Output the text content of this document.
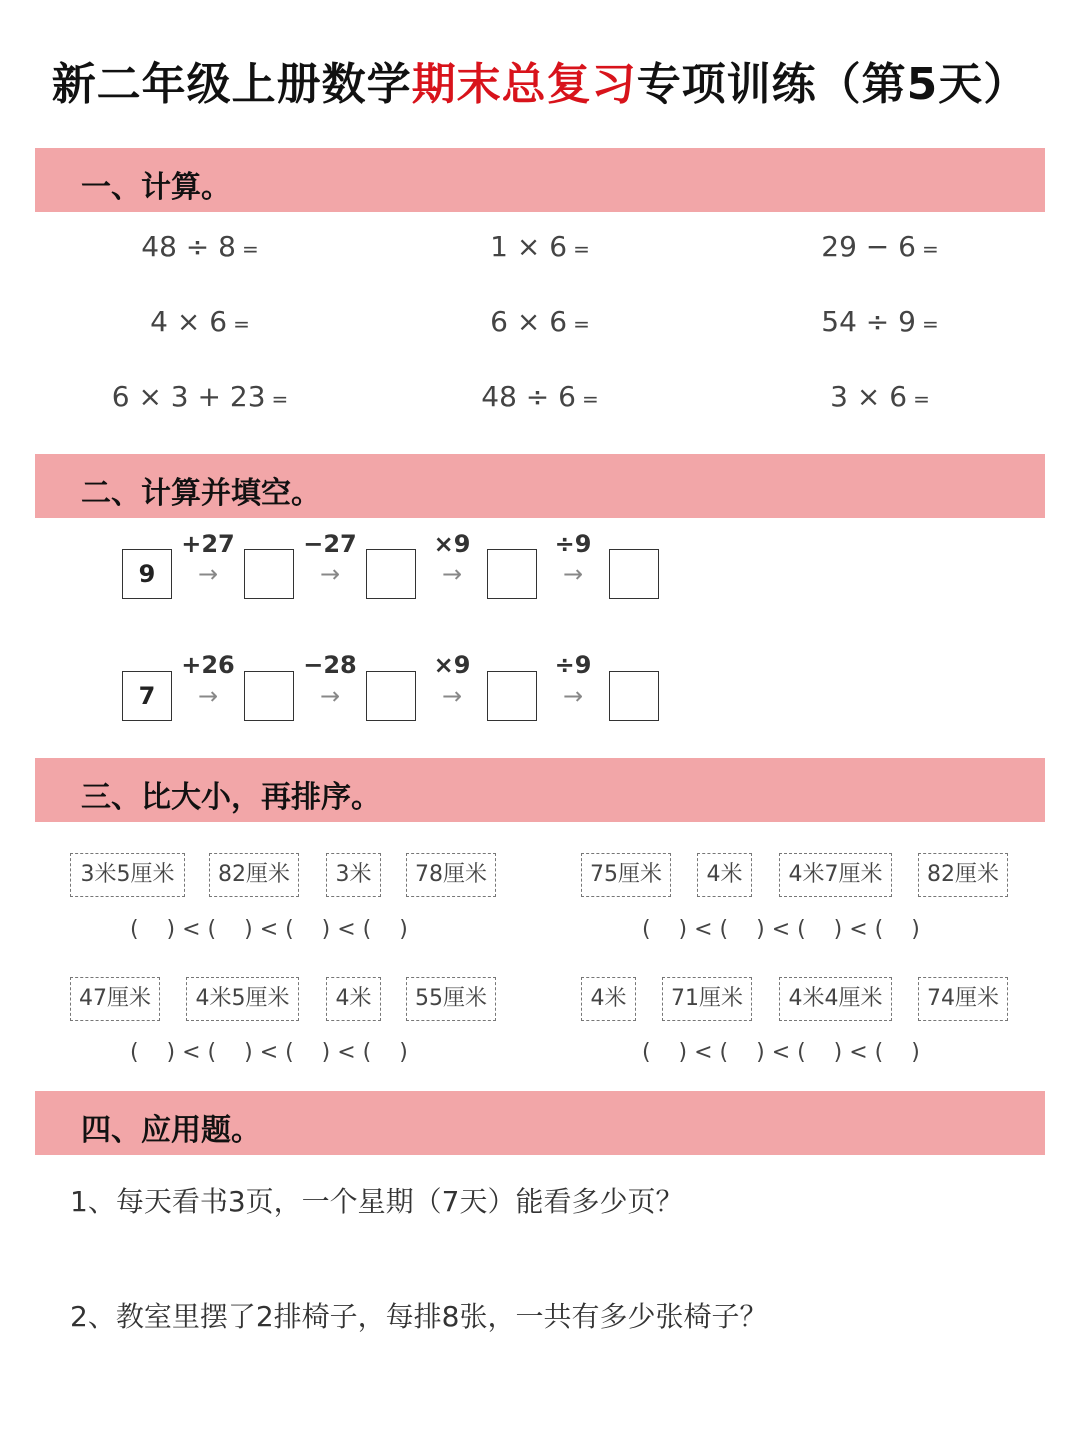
新二年级上册数学期末总复习专项训练（第5天）
一、计算。
48 ÷ 8 =	1 × 6 =	29 − 6 =
4 × 6 =	6 × 6 =	54 ÷ 9 =
6 × 3 + 23 =	48 ÷ 6 =	3 × 6 =
二、计算并填空。
9
+27
→
−27
→
×9
→
÷9
→
7
+26
→
−28
→
×9
→
÷9
→
三、比大小，再排序。
3米5厘米	82厘米	3米	78厘米
(    ) < (    ) < (    ) < (    )
75厘米	4米	4米7厘米	82厘米
(    ) < (    ) < (    ) < (    )
47厘米	4米5厘米	4米	55厘米
(    ) < (    ) < (    ) < (    )
4米	71厘米	4米4厘米	74厘米
(    ) < (    ) < (    ) < (    )
四、应用题。
1、每天看书3页，一个星期（7天）能看多少页？
2、教室里摆了2排椅子，每排8张，一共有多少张椅子？
